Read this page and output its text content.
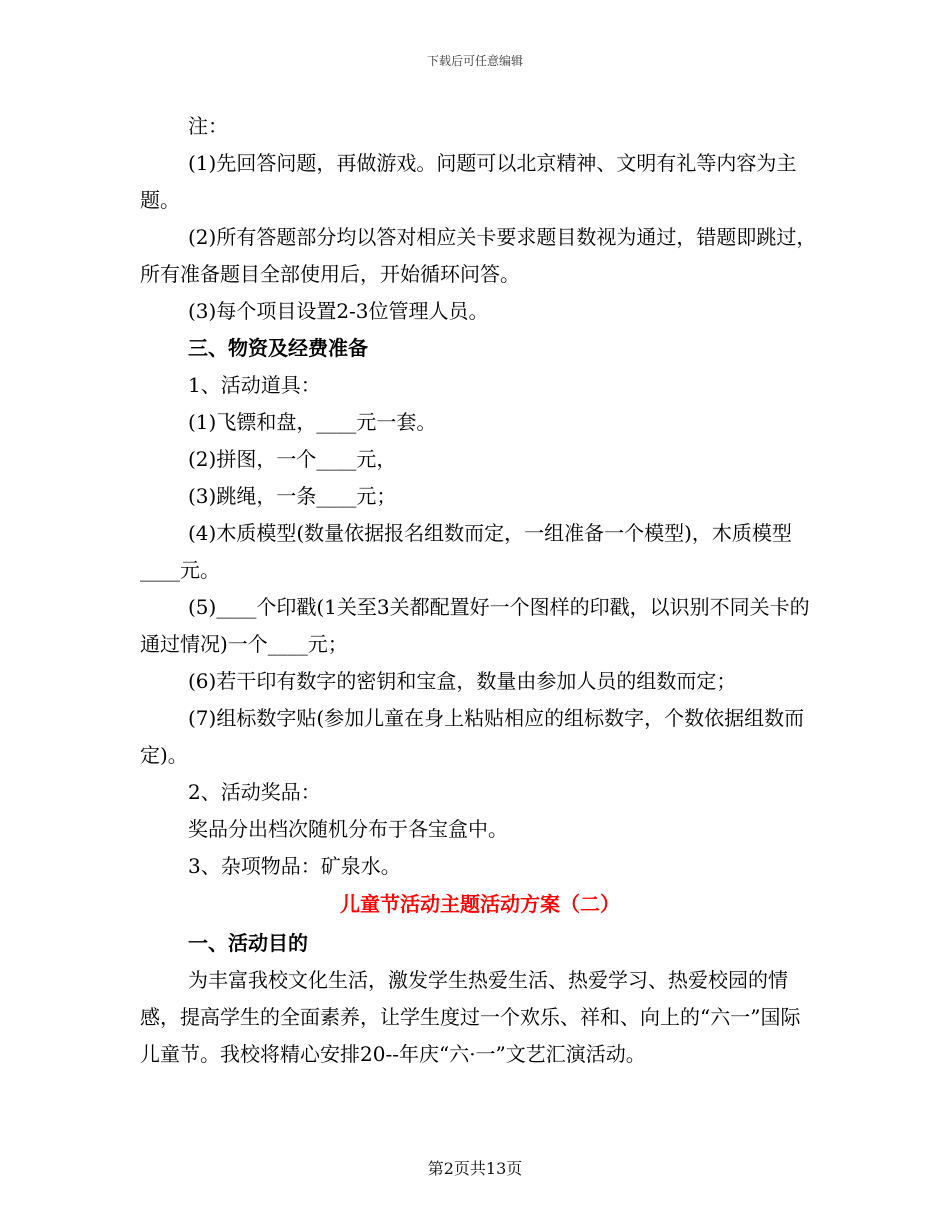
下载后可任意编辑

注：

(1)先回答问题，再做游戏。问题可以北京精神、文明有礼等内容为主题。

(2)所有答题部分均以答对相应关卡要求题目数视为通过，错题即跳过，所有准备题目全部使用后，开始循环问答。

(3)每个项目设置2-3位管理人员。

三、物资及经费准备

1、活动道具：

(1)飞镖和盘，____元一套。

(2)拼图，一个____元，

(3)跳绳，一条____元；

(4)木质模型(数量依据报名组数而定，一组准备一个模型)，木质模型____元。

(5)____个印戳(1关至3关都配置好一个图样的印戳，以识别不同关卡的通过情况)一个____元；

(6)若干印有数字的密钥和宝盒，数量由参加人员的组数而定；

(7)组标数字贴(参加儿童在身上粘贴相应的组标数字，个数依据组数而定)。

2、活动奖品：

奖品分出档次随机分布于各宝盒中。

3、杂项物品：矿泉水。

儿童节活动主题活动方案（二）

一、活动目的

为丰富我校文化生活，激发学生热爱生活、热爱学习、热爱校园的情感，提高学生的全面素养，让学生度过一个欢乐、祥和、向上的“六一”国际儿童节。我校将精心安排20--年庆“六·一”文艺汇演活动。

第2页共13页
